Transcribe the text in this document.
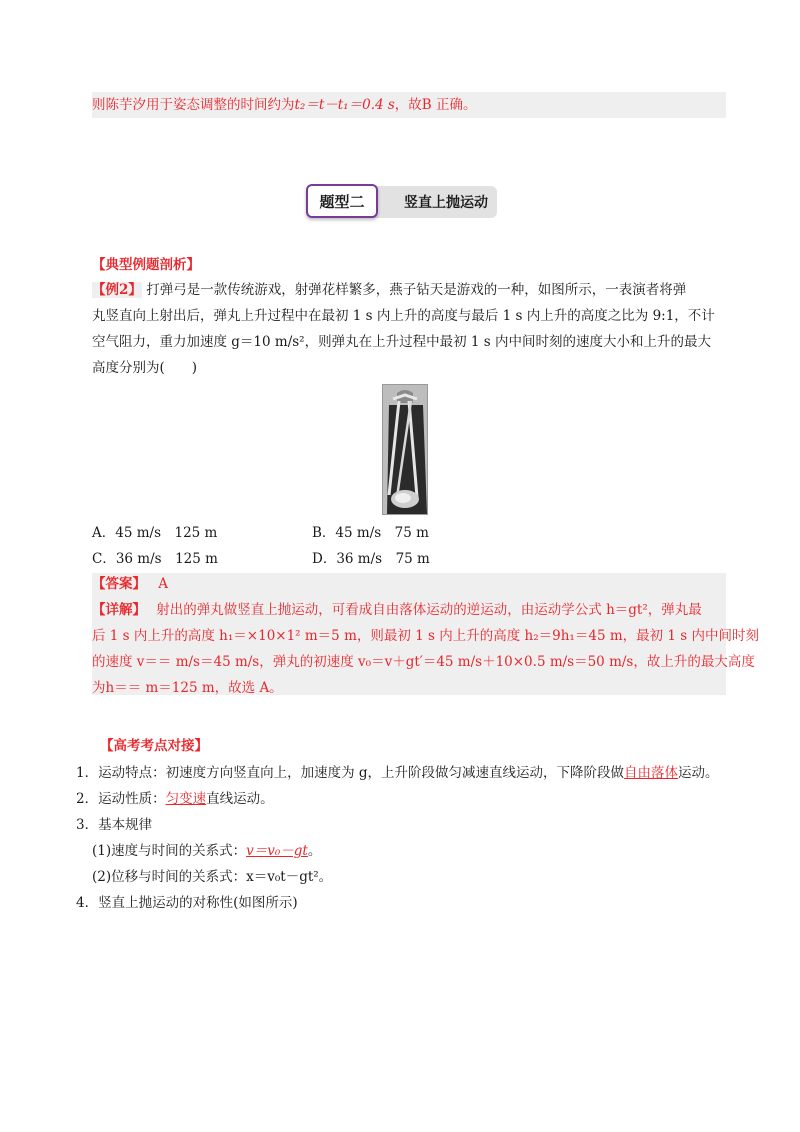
则陈芋汐用于姿态调整的时间约为t₂＝t－t₁＝0.4 s，故B 正确。
题型二	竖直上抛运动
【典型例题剖析】
【例2】 打弹弓是一款传统游戏，射弹花样繁多，燕子钻天是游戏的一种，如图所示，一表演者将弹
丸竖直向上射出后，弹丸上升过程中在最初 1 s 内上升的高度与最后 1 s 内上升的高度之比为 9:1，不计
空气阻力，重力加速度 g＝10 m/s²，则弹丸在上升过程中最初 1 s 内中间时刻的速度大小和上升的最大
高度分别为(　　)
A．45 m/s　125 m	B．45 m/s　75 m
C．36 m/s　125 m	D．36 m/s　75 m
【答案】 A
【详解】 射出的弹丸做竖直上抛运动，可看成自由落体运动的逆运动，由运动学公式 h＝gt²，弹丸最
后 1 s 内上升的高度 h₁＝×10×1² m＝5 m，则最初 1 s 内上升的高度 h₂＝9h₁＝45 m，最初 1 s 内中间时刻
的速度 v＝＝ m/s＝45 m/s，弹丸的初速度 v₀＝v＋gt′＝45 m/s＋10×0.5 m/s＝50 m/s，故上升的最大高度
为h＝＝ m＝125 m，故选 A。
【高考考点对接】
1．运动特点：初速度方向竖直向上，加速度为 g，上升阶段做匀减速直线运动，下降阶段做自由落体运动。
2．运动性质：匀变速直线运动。
3．基本规律
(1)速度与时间的关系式：v＝v₀－gt。
(2)位移与时间的关系式：x＝v₀t－gt²。
4．竖直上抛运动的对称性(如图所示)
